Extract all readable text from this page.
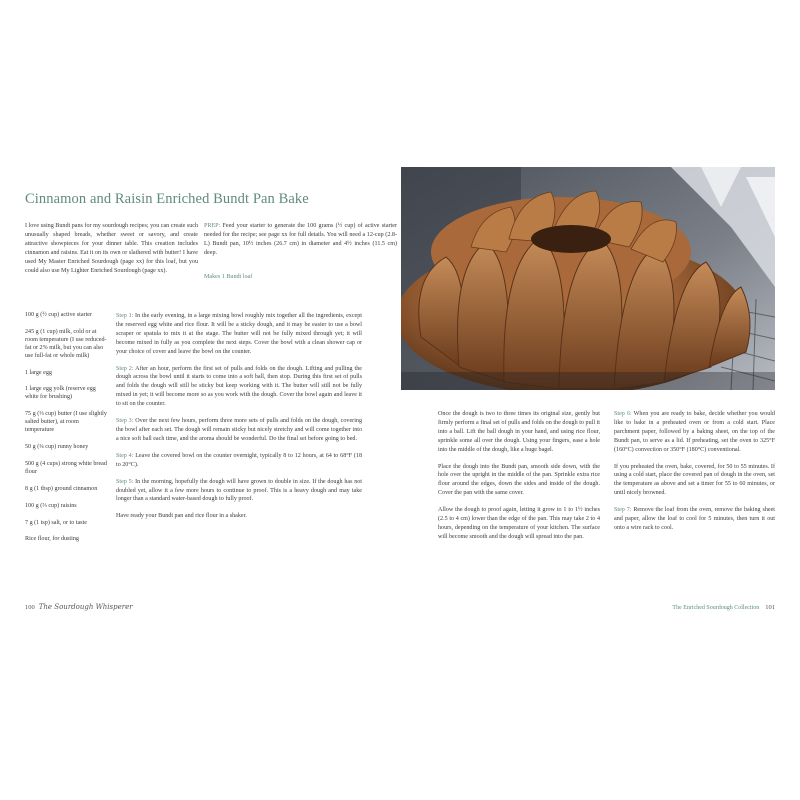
Cinnamon and Raisin Enriched Bundt Pan Bake
I love using Bundt pans for my sourdough recipes; you can create such unusually shaped breads, whether sweet or savory, and create attractive showpieces for your dinner table. This creation includes cinnamon and raisins. Eat it on its own or slathered with butter! I have used My Master Enriched Sourdough (page xx) for this loaf, but you could also use My Lighter Enriched Sourdough (page xx).
PREP: Feed your starter to generate the 100 grams (½ cup) of active starter needed for the recipe; see page xx for full details. You will need a 12-cup (2.8-L) Bundt pan, 10½ inches (26.7 cm) in diameter and 4½ inches (11.5 cm) deep.
Makes 1 Bundt loaf

100 g (½ cup) active starter

245 g (1 cup) milk, cold or at room temperature (I use reduced-fat or 2% milk, but you can also use full-fat or whole milk)

1 large egg

1 large egg yolk (reserve egg white for brushing)

75 g (⅓ cup) butter (I use slightly salted butter), at room temperature

50 g (¼ cup) runny honey

500 g (4 cups) strong white bread flour

8 g (1 tbsp) ground cinnamon

100 g (⅔ cup) raisins

7 g (1 tsp) salt, or to taste

Rice flour, for dusting

Step 1: In the early evening, in a large mixing bowl roughly mix together all the ingredients, except the reserved egg white and rice flour. It will be a sticky dough, and it may be easier to use a bowl scraper or spatula to mix it at the stage. The butter will not be fully mixed through yet; it will become mixed in fully as you complete the next steps. Cover the bowl with a clean shower cap or your choice of cover and leave the bowl on the counter.

Step 2: After an hour, perform the first set of pulls and folds on the dough. Lifting and pulling the dough across the bowl until it starts to come into a soft ball, then stop. During this first set of pulls and folds the dough will still be sticky but keep working with it. The butter will still not be fully mixed in yet; it will become more so as you work with the dough. Cover the bowl again and leave it to sit on the counter.

Step 3: Over the next few hours, perform three more sets of pulls and folds on the dough, covering the bowl after each set. The dough will remain sticky but nicely stretchy and will come together into a nice soft ball each time, and the aroma should be wonderful. Do the final set before going to bed.

Step 4: Leave the covered bowl on the counter overnight, typically 8 to 12 hours, at 64 to 68°F (18 to 20°C).

Step 5: In the morning, hopefully the dough will have grown to double in size. If the dough has not doubled yet, allow it a few more hours to continue to proof. This is a heavy dough and may take longer than a standard water-based dough to fully proof.

Have ready your Bundt pan and rice flour in a shaker.

Once the dough is two to three times its original size, gently but firmly perform a final set of pulls and folds on the dough to pull it into a ball. Lift the ball dough in your hand, and using rice flour, sprinkle some all over the dough. Using your fingers, ease a hole into the middle of the dough, like a huge bagel.

Place the dough into the Bundt pan, smooth side down, with the hole over the upright in the middle of the pan. Sprinkle extra rice flour around the edges, down the sides and inside of the dough. Cover the pan with the same cover.

Allow the dough to proof again, letting it grow to 1 to 1½ inches (2.5 to 4 cm) lower than the edge of the pan. This may take 2 to 4 hours, depending on the temperature of your kitchen. The surface will become smooth and the dough will spread into the pan.

Step 6: When you are ready to bake, decide whether you would like to bake in a preheated oven or from a cold start. Place parchment paper, followed by a baking sheet, on the top of the Bundt pan, to serve as a lid. If preheating, set the oven to 325°F (160°C) convection or 350°F (180°C) conventional.

If you preheated the oven, bake, covered, for 50 to 55 minutes. If using a cold start, place the covered pan of dough in the oven, set the temperature as above and set a timer for 55 to 60 minutes, or until nicely browned.

Step 7: Remove the loaf from the oven, remove the baking sheet and paper, allow the loaf to cool for 5 minutes, then turn it out onto a wire rack to cool.

100 The Sourdough Whisperer	The Enriched Sourdough Collection 101
